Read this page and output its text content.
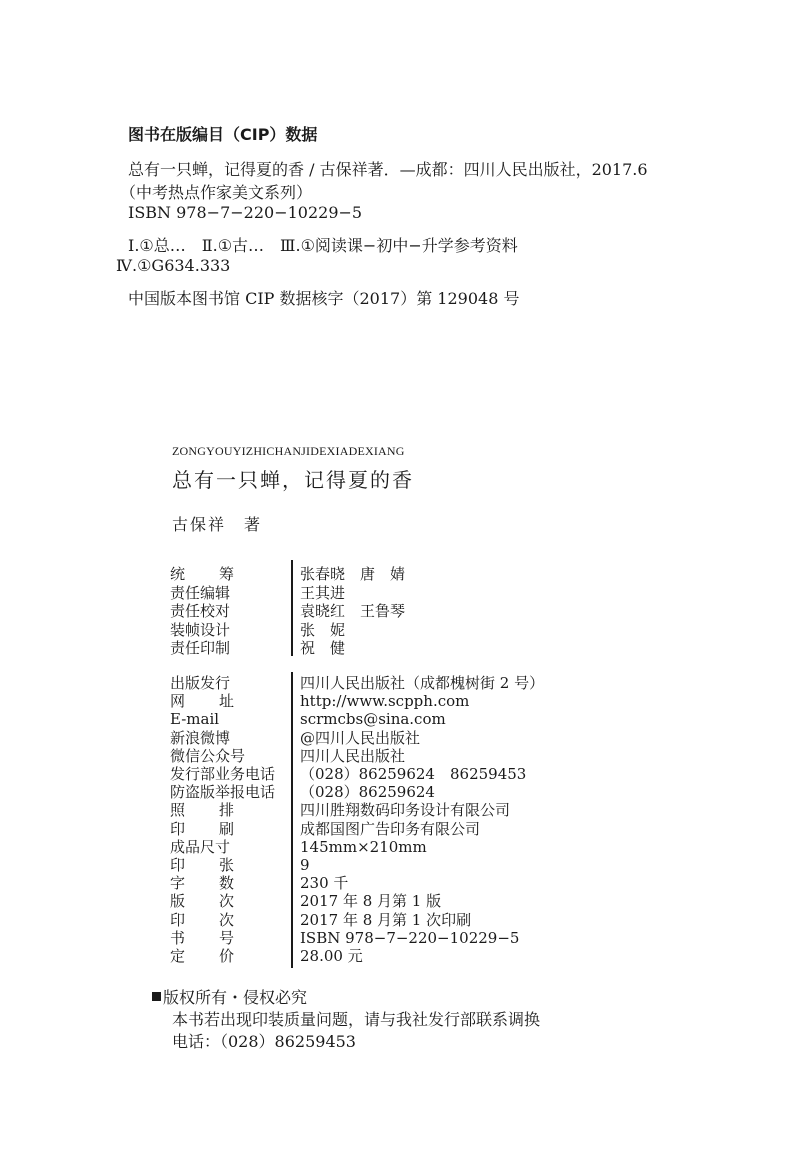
图书在版编目（CIP）数据
总有一只蝉，记得夏的香 / 古保祥著．—成都：四川人民出版社，2017.6
（中考热点作家美文系列）
ISBN 978−7−220−10229−5
Ⅰ.①总…　Ⅱ.①古…　Ⅲ.①阅读课−初中−升学参考资料
Ⅳ.①G634.333
中国版本图书馆 CIP 数据核字（2017）第 129048 号
ZONGYOUYIZHICHANJIDEXIADEXIANG
总有一只蝉，记得夏的香
古保祥　著
统筹	张春晓　唐　婧
责任编辑	王其进
责任校对	袁晓红　王鲁琴
装帧设计	张　妮
责任印制	祝　健
出版发行	四川人民出版社（成都槐树街 2 号）
网址	http://www.scpph.com
E-mail	scrmcbs@sina.com
新浪微博	@四川人民出版社
微信公众号	四川人民出版社
发行部业务电话	（028）86259624　86259453
防盗版举报电话	（028）86259624
照排	四川胜翔数码印务设计有限公司
印刷	成都国图广告印务有限公司
成品尺寸	145mm×210mm
印张	9
字数	230 千
版次	2017 年 8 月第 1 版
印次	2017 年 8 月第 1 次印刷
书号	ISBN 978−7−220−10229−5
定价	28.00 元
版权所有・侵权必究
本书若出现印装质量问题，请与我社发行部联系调换
电话：（028）86259453
